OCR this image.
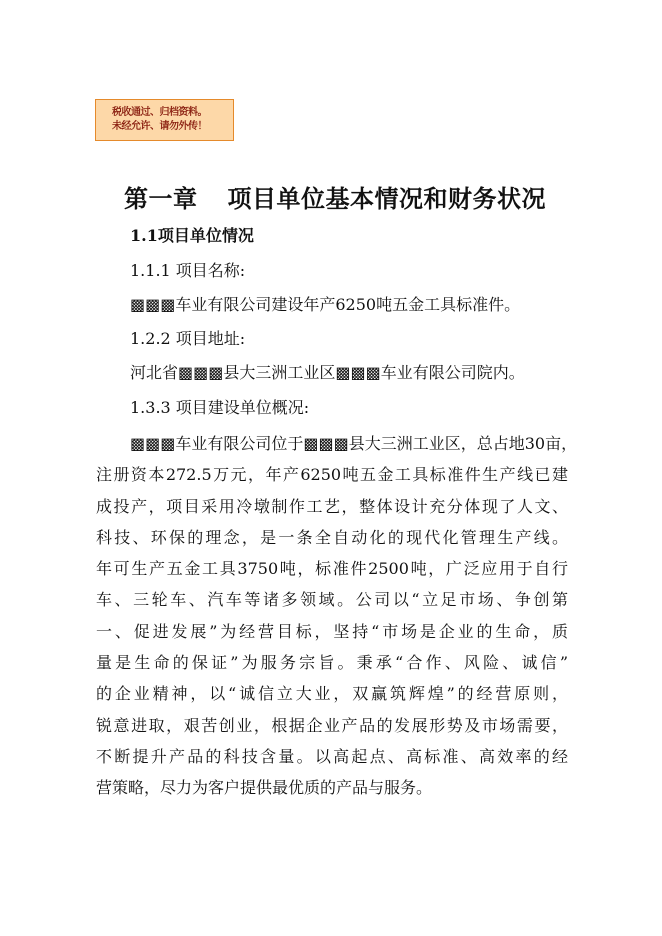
税收通过、归档资料。
未经允许、请勿外传！
第一章 项目单位基本情况和财务状况
1.1项目单位情况
1.1.1 项目名称:
▩▩▩车业有限公司建设年产6250吨五金工具标准件。
1.2.2 项目地址:
河北省▩▩▩县大三洲工业区▩▩▩车业有限公司院内。
1.3.3 项目建设单位概况:
▩▩▩车业有限公司位于▩▩▩县大三洲工业区，总占地30亩，
注册资本272.5万元，年产6250吨五金工具标准件生产线已建
成投产，项目采用冷墩制作工艺，整体设计充分体现了人文、
科技、环保的理念，是一条全自动化的现代化管理生产线。
年可生产五金工具3750吨，标准件2500吨，广泛应用于自行
车、三轮车、汽车等诸多领域。公司以“立足市场、争创第
一、促进发展”为经营目标，坚持“市场是企业的生命，质
量是生命的保证”为服务宗旨。秉承“合作、风险、诚信”
的企业精神，以“诚信立大业，双赢筑辉煌”的经营原则，
锐意进取，艰苦创业，根据企业产品的发展形势及市场需要，
不断提升产品的科技含量。以高起点、高标准、高效率的经
营策略，尽力为客户提供最优质的产品与服务。
